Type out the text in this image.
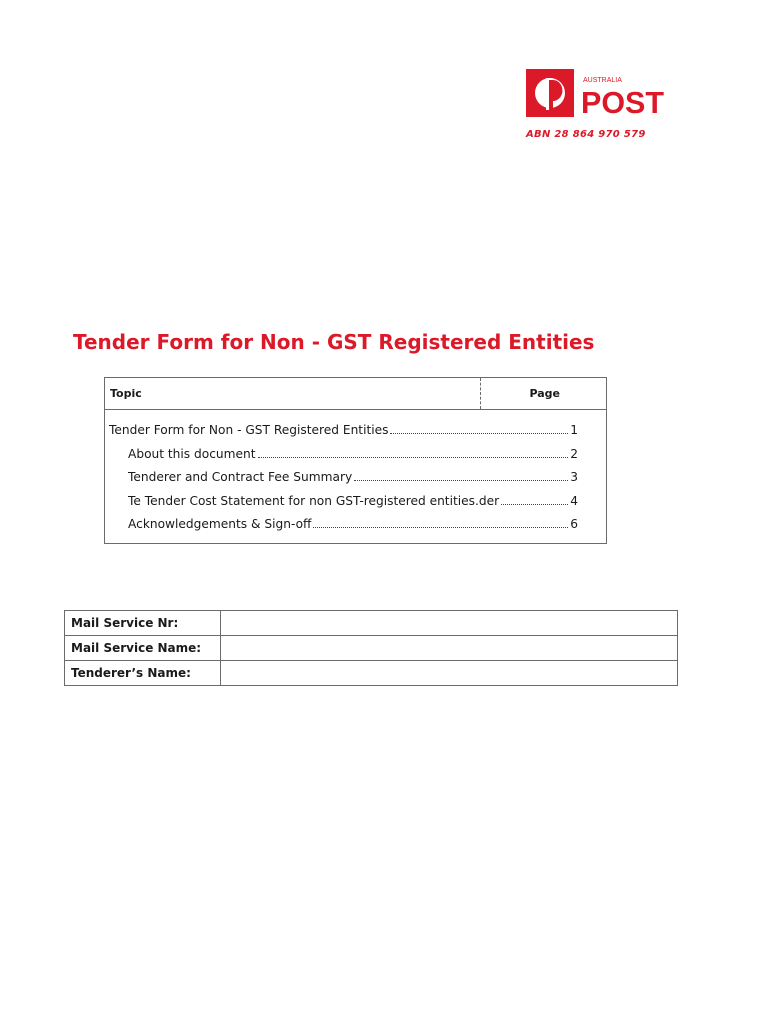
AUSTRALIA
POST
ABN 28 864 970 579
Tender Form for Non - GST Registered Entities
Topic	Page
Tender Form for Non - GST Registered Entities	1
About this document	2
Tenderer and Contract Fee Summary	3
Te Tender Cost Statement for non GST-registered entities.der	4
Acknowledgements & Sign-off	6
Mail Service Nr:	
Mail Service Name:	
Tenderer’s Name:	
